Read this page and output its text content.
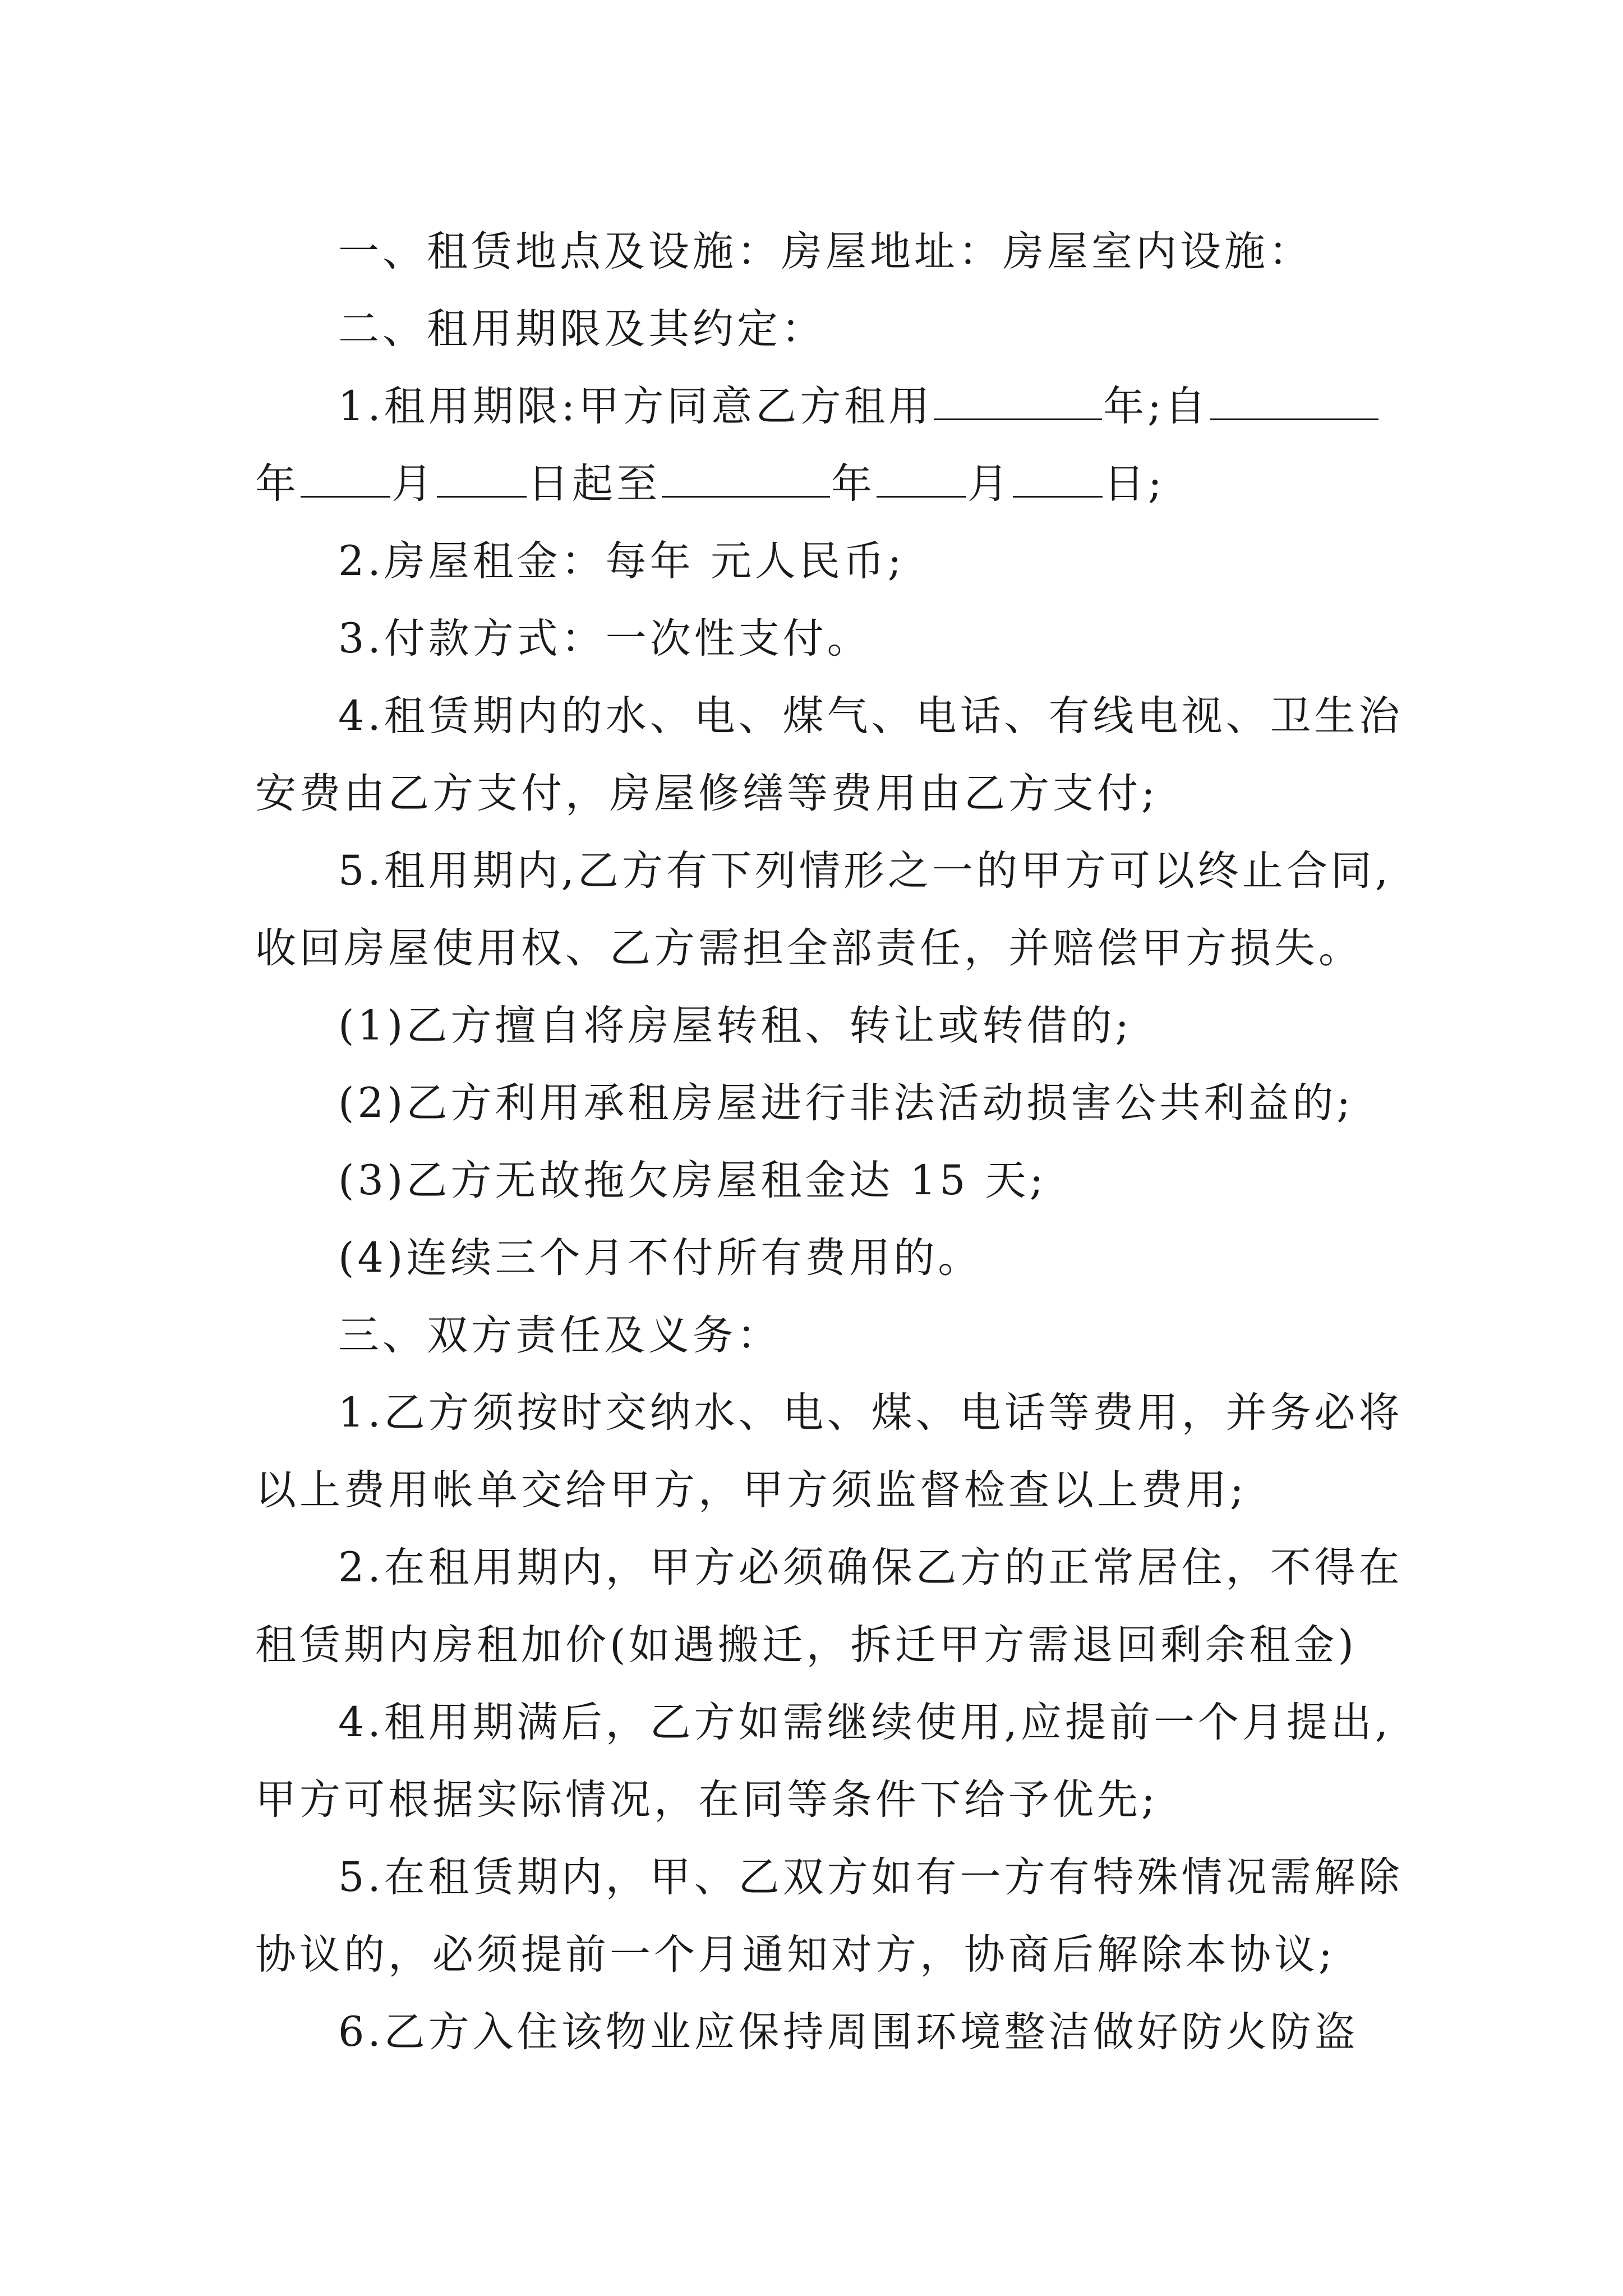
一、租赁地点及设施：房屋地址：房屋室内设施：
二、租用期限及其约定：
1.租用期限:甲方同意乙方租用	年;自
年 月 日起至	年 月 日;
2.房屋租金：每年 元人民币;
3.付款方式：一次性支付。
4.租赁期内的水、电、煤气、电话、有线电视、卫生治
安费由乙方支付，房屋修缮等费用由乙方支付;
5.租用期内,乙方有下列情形之一的甲方可以终止合同,
收回房屋使用权、乙方需担全部责任，并赔偿甲方损失。
(1)乙方擅自将房屋转租、转让或转借的;
(2)乙方利用承租房屋进行非法活动损害公共利益的;
(3)乙方无故拖欠房屋租金达 15 天;
(4)连续三个月不付所有费用的。
三、双方责任及义务：
1.乙方须按时交纳水、电、煤、电话等费用，并务必将
以上费用帐单交给甲方，甲方须监督检查以上费用;
2.在租用期内，甲方必须确保乙方的正常居住，不得在
租赁期内房租加价(如遇搬迁，拆迁甲方需退回剩余租金)
4.租用期满后，乙方如需继续使用,应提前一个月提出,
甲方可根据实际情况，在同等条件下给予优先;
5.在租赁期内，甲、乙双方如有一方有特殊情况需解除
协议的，必须提前一个月通知对方，协商后解除本协议;
6.乙方入住该物业应保持周围环境整洁做好防火防盗
